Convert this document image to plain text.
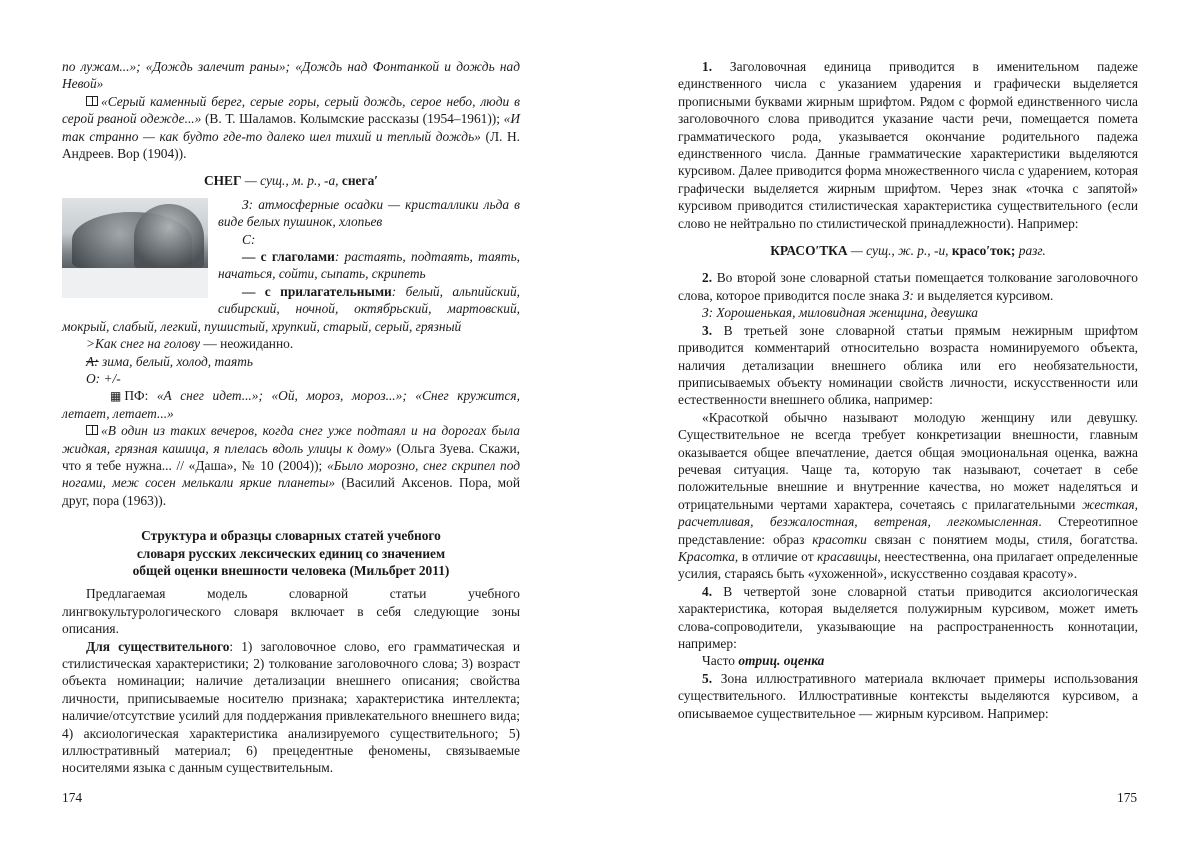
по лужам...»; «Дождь залечит раны»; «Дождь над Фонтанкой и дождь над Невой»

«Серый каменный берег, серые горы, серый дождь, серое небо, люди в серой рваной одежде...» (В. Т. Шаламов. Колымские рассказы (1954–1961)); «И так странно — как будто где-то далеко шел тихий и теплый дождь» (Л. Н. Андреев. Вор (1904)).

СНЕГ — сущ., м. р., -а, снега′

З: атмосферные осадки — кристаллики льда в виде белых пушинок, хлопьев

С:

— с глаголами: растаять, подтаять, таять, начаться, сойти, сыпать, скрипеть

— с прилагательными: белый, альпийский, сибирский, ночной, октябрьский, мартовский, мокрый, слабый, легкий, пушистый, хрупкий, старый, серый, грязный

>Как снег на голову — неожиданно.

А: зима, белый, холод, таять

О: +/-

▦ ПФ: «А снег идет...»; «Ой, мороз, мороз...»; «Снег кружится, летает, летает...»

«В один из таких вечеров, когда снег уже подтаял и на дорогах была жидкая, грязная кашица, я плелась вдоль улицы к дому» (Ольга Зуева. Скажи, что я тебе нужна... // «Даша», № 10 (2004)); «Было морозно, снег скрипел под ногами, меж сосен мелькали яркие планеты» (Василий Аксенов. Пора, мой друг, пора (1963)).

Структура и образцы словарных статей учебного словаря русских лексических единиц со значением общей оценки внешности человека (Мильбрет 2011)

Предлагаемая модель словарной статьи учебного лингвокультурологического словаря включает в себя следующие зоны описания.

Для существительного: 1) заголовочное слово, его грамматическая и стилистическая характеристики; 2) толкование заголовочного слова; 3) возраст объекта номинации; наличие детализации внешнего описания; свойства личности, приписываемые носителю признака; характеристика интеллекта; наличие/отсутствие усилий для поддержания привлекательного внешнего вида; 4) аксиологическая характеристика анализируемого существительного; 5) иллюстративный материал; 6) прецедентные феномены, связываемые носителями языка с данным существительным.

174

1. Заголовочная единица приводится в именительном падеже единственного числа с указанием ударения и графически выделяется прописными буквами жирным шрифтом. Рядом с формой единственного числа заголовочного слова приводится указание части речи, помещается помета грамматического рода, указывается окончание родительного падежа единственного числа. Данные грамматические характеристики выделяются курсивом. Далее приводится форма множественного числа с ударением, которая графически выделяется жирным шрифтом. Через знак «точка с запятой» курсивом приводится стилистическая характеристика существительного (если слово не нейтрально по стилистической принадлежности). Например:

КРАСО′ТКА — сущ., ж. р., -и, красо′ток; разг.

2. Во второй зоне словарной статьи помещается толкование заголовочного слова, которое приводится после знака З: и выделяется курсивом.

З: Хорошенькая, миловидная женщина, девушка

3. В третьей зоне словарной статьи прямым нежирным шрифтом приводится комментарий относительно возраста номинируемого объекта, наличия детализации внешнего облика или его необязательности, приписываемых объекту номинации свойств личности, искусственности или естественности внешнего облика, например:

«Красоткой обычно называют молодую женщину или девушку. Существительное не всегда требует конкретизации внешности, главным оказывается общее впечатление, дается общая эмоциональная оценка, важна речевая ситуация. Чаще та, которую так называют, сочетает в себе положительные внешние и внутренние качества, но может наделяться и отрицательными чертами характера, сочетаясь с прилагательными жесткая, расчетливая, безжалостная, ветреная, легкомысленная. Стереотипное представление: образ красотки связан с понятием моды, стиля, богатства. Красотка, в отличие от красавицы, неестественна, она прилагает определенные усилия, стараясь быть «ухоженной», искусственно создавая красоту».

4. В четвертой зоне словарной статьи приводится аксиологическая характеристика, которая выделяется полужирным курсивом, может иметь слова-сопроводители, указывающие на распространенность коннотации, например:

Часто отриц. оценка

5. Зона иллюстративного материала включает примеры использования существительного. Иллюстративные контексты выделяются курсивом, а описываемое существительное — жирным курсивом. Например:

175
